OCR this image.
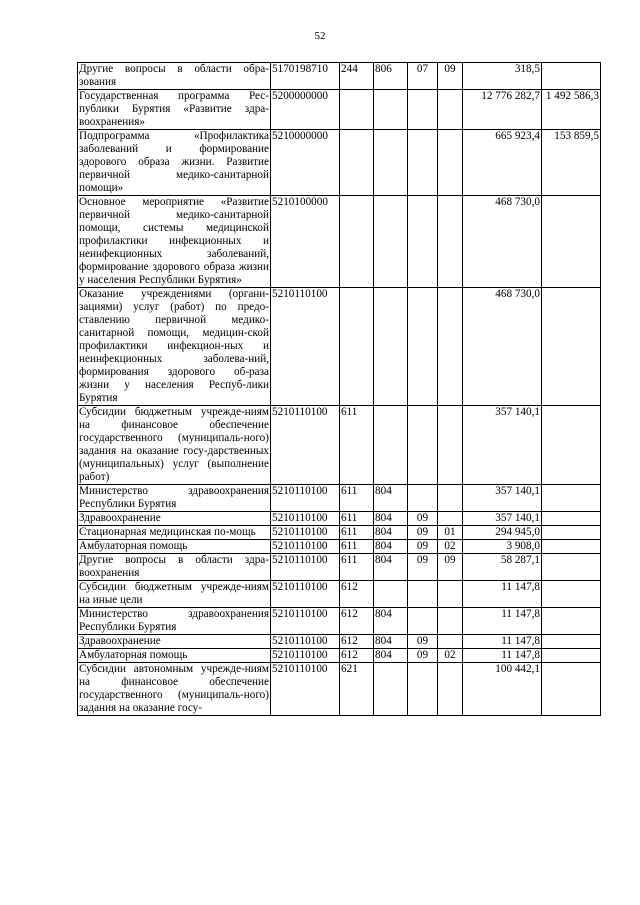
52
Другие вопросы в области обра-зования	5170198710	244	806	07	09	318,5	
Государственная программа Рес-публики Бурятия «Развитие здра-воохранения»	5200000000					12 776 282,7	1 492 586,3
Подпрограмма «Профилактика заболеваний и формирование здорового образа жизни. Развитие первичной медико-санитарной помощи»	5210000000					665 923,4	153 859,5
Основное мероприятие «Развитие первичной медико-санитарной помощи, системы медицинской профилактики инфекционных и неинфекционных заболеваний, формирование здорового образа жизни у населения Республики Бурятия»	5210100000					468 730,0	
Оказание учреждениями (органи-зациями) услуг (работ) по предо-ставлению первичной медико-санитарной помощи, медицин-ской профилактики инфекцион-ных и неинфекционных заболева-ний, формирования здорового об-раза жизни у населения Респуб-лики Бурятия	5210110100					468 730,0	
Субсидии бюджетным учрежде-ниям на финансовое обеспечение государственного (муниципаль-ного) задания на оказание госу-дарственных (муниципальных) услуг (выполнение работ)	5210110100	611				357 140,1	
Министерство здравоохранения Республики Бурятия	5210110100	611	804			357 140,1	
Здравоохранение	5210110100	611	804	09		357 140,1	
Стационарная медицинская по-мощь	5210110100	611	804	09	01	294 945,0	
Амбулаторная помощь	5210110100	611	804	09	02	3 908,0	
Другие вопросы в области здра-воохранения	5210110100	611	804	09	09	58 287,1	
Субсидии бюджетным учрежде-ниям на иные цели	5210110100	612				11 147,8	
Министерство здравоохранения Республики Бурятия	5210110100	612	804			11 147,8	
Здравоохранение	5210110100	612	804	09		11 147,8	
Амбулаторная помощь	5210110100	612	804	09	02	11 147,8	
Субсидии автономным учрежде-ниям на финансовое обеспечение государственного (муниципаль-ного) задания на оказание госу-	5210110100	621				100 442,1	
